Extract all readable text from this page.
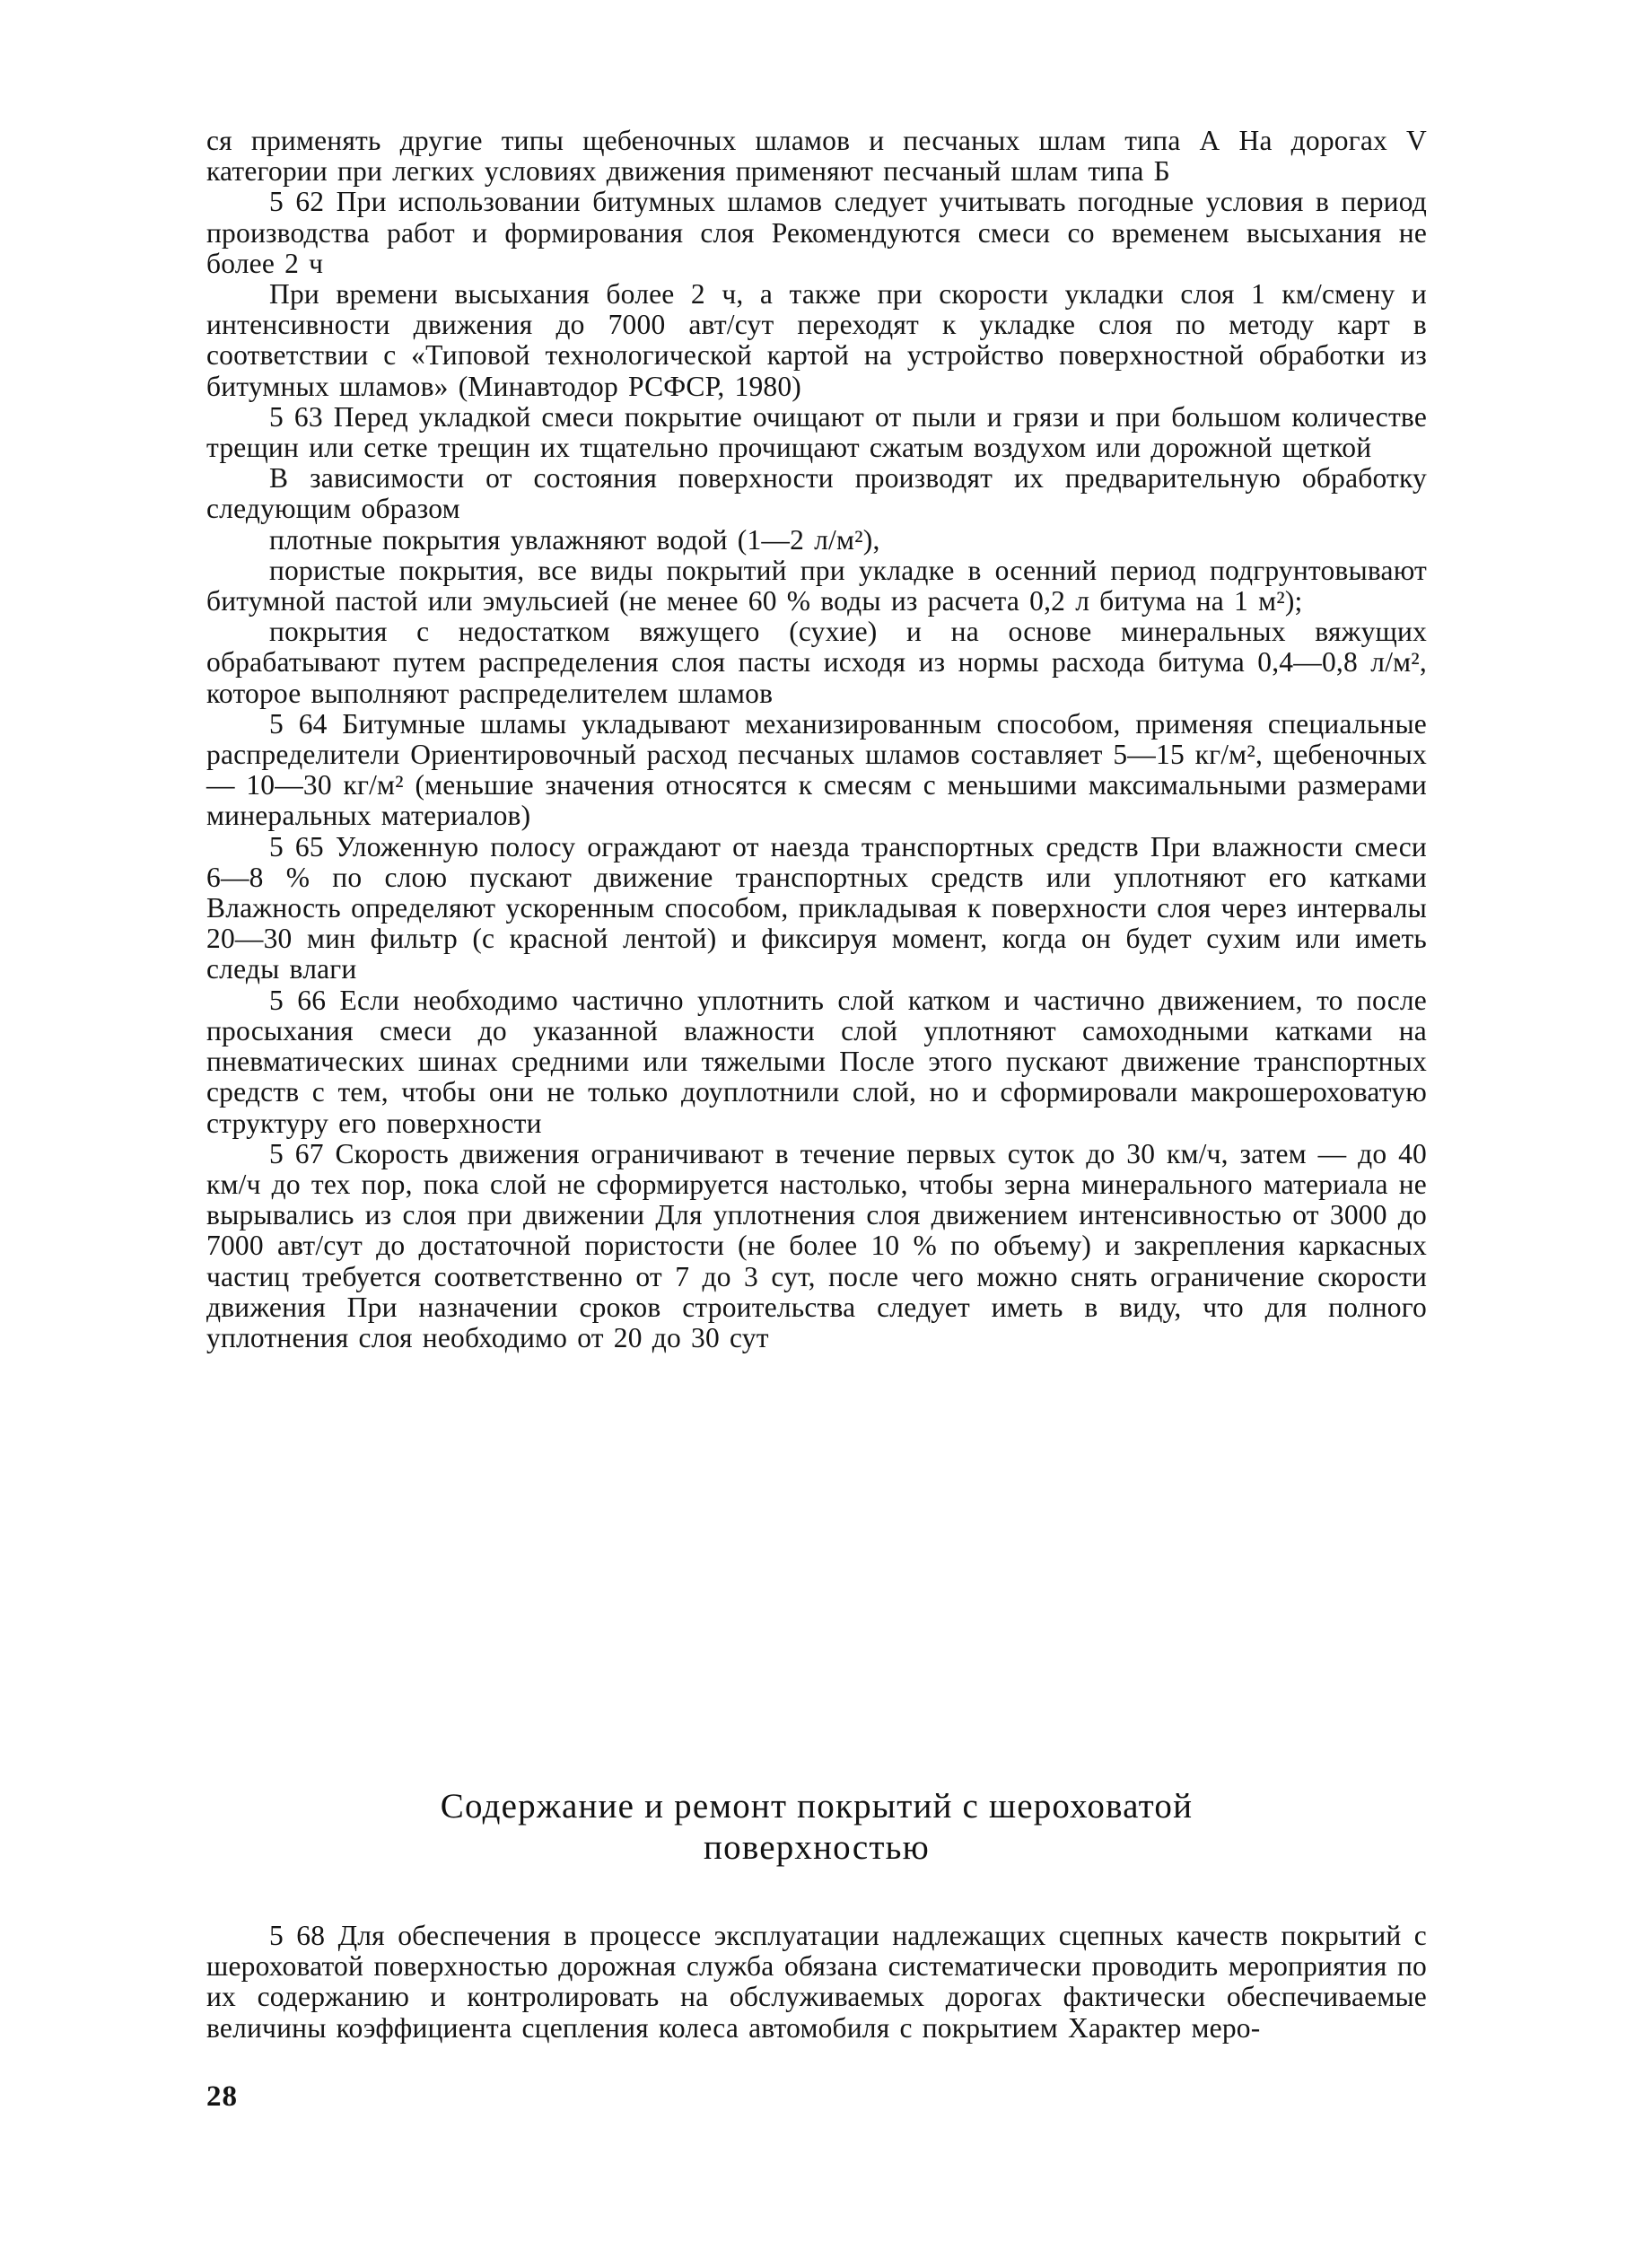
ся применять другие типы щебеночных шламов и песчаных шлам типа А На дорогах V категории при легких условиях движения применяют песчаный шлам типа Б

5 62 При использовании битумных шламов следует учитывать погодные условия в период производства работ и формирования слоя Рекомендуются смеси со временем высыхания не более 2 ч

При времени высыхания более 2 ч, а также при скорости укладки слоя 1 км/смену и интенсивности движения до 7000 авт/сут переходят к укладке слоя по методу карт в соответствии с «Типовой технологической картой на устройство поверхностной обработки из битумных шламов» (Минавтодор РСФСР, 1980)

5 63 Перед укладкой смеси покрытие очищают от пыли и грязи и при большом количестве трещин или сетке трещин их тщательно прочищают сжатым воздухом или дорожной щеткой

В зависимости от состояния поверхности производят их предварительную обработку следующим образом

плотные покрытия увлажняют водой (1—2 л/м²),

пористые покрытия, все виды покрытий при укладке в осенний период подгрунтовывают битумной пастой или эмульсией (не менее 60 % воды из расчета 0,2 л битума на 1 м²);

покрытия с недостатком вяжущего (сухие) и на основе минеральных вяжущих обрабатывают путем распределения слоя пасты исходя из нормы расхода битума 0,4—0,8 л/м², которое выполняют распределителем шламов

5 64 Битумные шламы укладывают механизированным способом, применяя специальные распределители Ориентировочный расход песчаных шламов составляет 5—15 кг/м², щебеночных — 10—30 кг/м² (меньшие значения относятся к смесям с меньшими максимальными размерами минеральных материалов)

5 65 Уложенную полосу ограждают от наезда транспортных средств При влажности смеси 6—8 % по слою пускают движение транспортных средств или уплотняют его катками Влажность определяют ускоренным способом, прикладывая к поверхности слоя через интервалы 20—30 мин фильтр (с красной лентой) и фиксируя момент, когда он будет сухим или иметь следы влаги

5 66 Если необходимо частично уплотнить слой катком и частично движением, то после просыхания смеси до указанной влажности слой уплотняют самоходными катками на пневматических шинах средними или тяжелыми После этого пускают движение транспортных средств с тем, чтобы они не только доуплотнили слой, но и сформировали макрошероховатую структуру его поверхности

5 67 Скорость движения ограничивают в течение первых суток до 30 км/ч, затем — до 40 км/ч до тех пор, пока слой не сформируется настолько, чтобы зерна минерального материала не вырывались из слоя при движении Для уплотнения слоя движением интенсивностью от 3000 до 7000 авт/сут до достаточной пористости (не более 10 % по объему) и закрепления каркасных частиц требуется соответственно от 7 до 3 сут, после чего можно снять ограничение скорости движения При назначении сроков строительства следует иметь в виду, что для полного уплотнения слоя необходимо от 20 до 30 сут

Содержание и ремонт покрытий с шероховатой

поверхностью

5 68 Для обеспечения в процессе эксплуатации надлежащих сцепных качеств покрытий с шероховатой поверхностью дорожная служба обязана систематически проводить мероприятия по их содержанию и контролировать на обслуживаемых дорогах фактически обеспечиваемые величины коэффициента сцепления колеса автомобиля с покрытием Характер меро-

28
